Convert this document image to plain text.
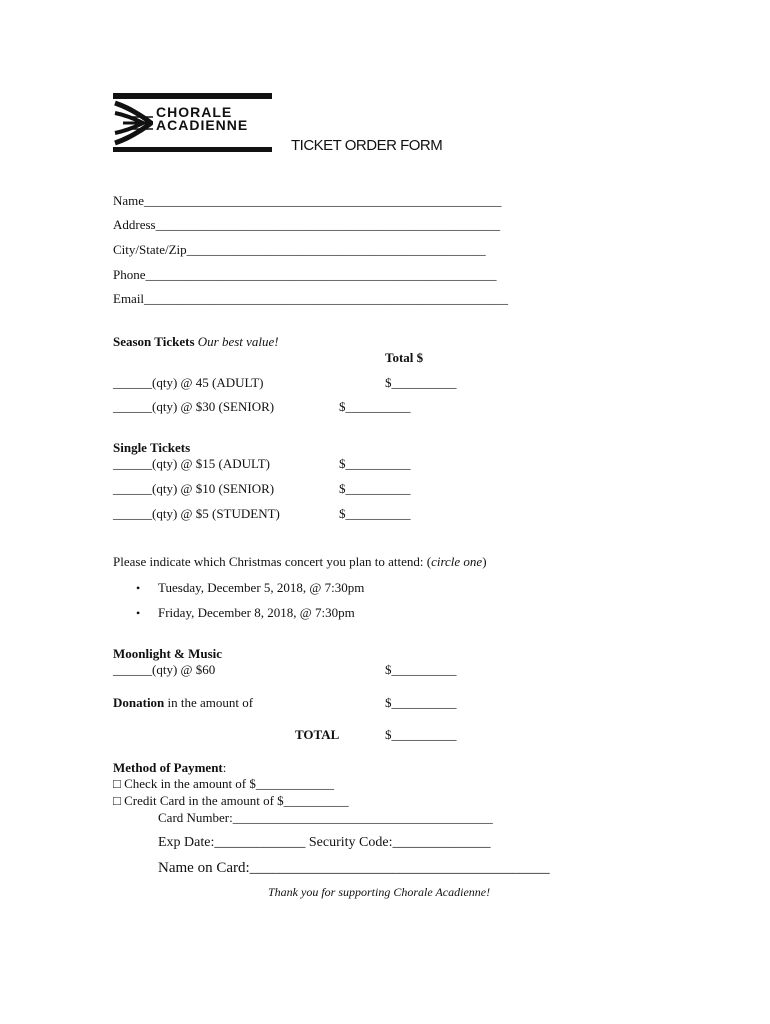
CHORALE
ACADIENNE
TICKET ORDER FORM
Name_______________________________________________________
Address_____________________________________________________
City/State/Zip______________________________________________
Phone______________________________________________________
Email________________________________________________________
Season Tickets Our best value!
Total $
______(qty) @ 45 (ADULT)	$__________
______(qty) @ $30 (SENIOR)	$__________
Single Tickets
______(qty) @ $15 (ADULT)	$__________
______(qty) @ $10 (SENIOR)	$__________
______(qty) @ $5 (STUDENT)	$__________
Please indicate which Christmas concert you plan to attend: (circle one)
• Tuesday, December 5, 2018, @ 7:30pm
• Friday, December 8, 2018, @ 7:30pm
Moonlight & Music
______(qty) @ $60	$__________
Donation in the amount of	$__________
TOTAL	$__________
Method of Payment:
□ Check in the amount of $____________
□ Credit Card in the amount of $__________
Card Number:________________________________________
Exp Date:_____________ Security Code:______________
Name on Card:________________________________________
Thank you for supporting Chorale Acadienne!
